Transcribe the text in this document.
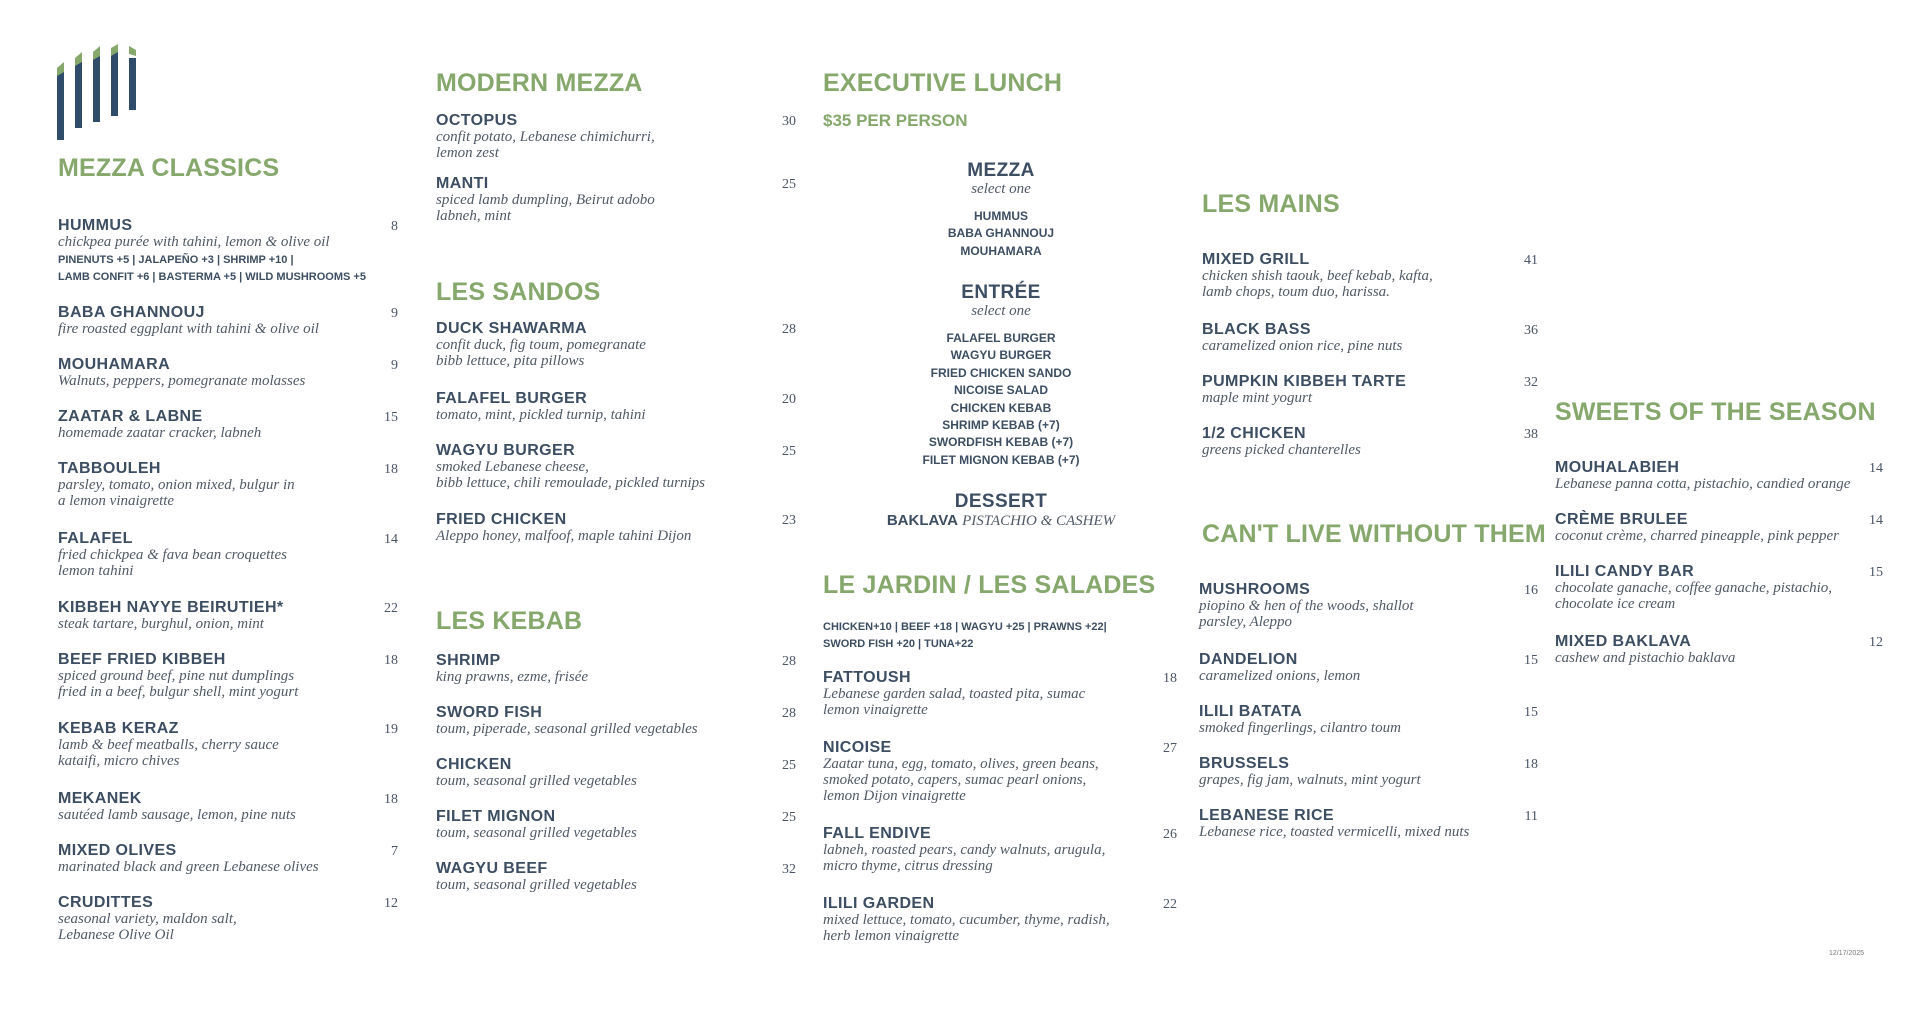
MEZZA CLASSICS
HUMMUS	8
chickpea purée with tahini, lemon & olive oil
PINENUTS +5 | JALAPEÑO +3 | SHRIMP +10 |
LAMB CONFIT +6 | BASTERMA +5 | WILD MUSHROOMS +5
BABA GHANNOUJ	9
fire roasted eggplant with tahini & olive oil
MOUHAMARA	9
Walnuts, peppers, pomegranate molasses
ZAATAR & LABNE	15
homemade zaatar cracker, labneh
TABBOULEH	18
parsley, tomato, onion mixed, bulgur in
a lemon vinaigrette
FALAFEL	14
fried chickpea & fava bean croquettes
lemon tahini
KIBBEH NAYYE BEIRUTIEH*	22
steak tartare, burghul, onion, mint
BEEF FRIED KIBBEH	18
spiced ground beef, pine nut dumplings
fried in a beef, bulgur shell, mint yogurt
KEBAB KERAZ	19
lamb & beef meatballs, cherry sauce
kataifi, micro chives
MEKANEK	18
sautéed lamb sausage, lemon, pine nuts
MIXED OLIVES	7
marinated black and green Lebanese olives
CRUDITTES	12
seasonal variety, maldon salt,
Lebanese Olive Oil
MODERN MEZZA
OCTOPUS	30
confit potato, Lebanese chimichurri,
lemon zest
MANTI	25
spiced lamb dumpling, Beirut adobo
labneh, mint
LES SANDOS
DUCK SHAWARMA	28
confit duck, fig toum, pomegranate
bibb lettuce, pita pillows
FALAFEL BURGER	20
tomato, mint, pickled turnip, tahini
WAGYU BURGER	25
smoked Lebanese cheese,
bibb lettuce, chili remoulade, pickled turnips
FRIED CHICKEN	23
Aleppo honey, malfoof, maple tahini Dijon
LES KEBAB
SHRIMP	28
king prawns, ezme, frisée
SWORD FISH	28
toum, piperade, seasonal grilled vegetables
CHICKEN	25
toum, seasonal grilled vegetables
FILET MIGNON	25
toum, seasonal grilled vegetables
WAGYU BEEF	32
toum, seasonal grilled vegetables
EXECUTIVE LUNCH
$35 PER PERSON
MEZZA
select one
HUMMUS
BABA GHANNOUJ
MOUHAMARA
ENTRÉE
select one
FALAFEL BURGER
WAGYU BURGER
FRIED CHICKEN SANDO
NICOISE SALAD
CHICKEN KEBAB
SHRIMP KEBAB (+7)
SWORDFISH KEBAB (+7)
FILET MIGNON KEBAB (+7)
DESSERT
BAKLAVA PISTACHIO & CASHEW
LE JARDIN / LES SALADES
CHICKEN+10 | BEEF +18 | WAGYU +25 | PRAWNS +22|
SWORD FISH +20 | TUNA+22
FATTOUSH	18
Lebanese garden salad, toasted pita, sumac
lemon vinaigrette
NICOISE	27
Zaatar tuna, egg, tomato, olives, green beans,
smoked potato, capers, sumac pearl onions,
lemon Dijon vinaigrette
FALL ENDIVE	26
labneh, roasted pears, candy walnuts, arugula,
micro thyme, citrus dressing
ILILI GARDEN	22
mixed lettuce, tomato, cucumber, thyme, radish,
herb lemon vinaigrette
LES MAINS
MIXED GRILL	41
chicken shish taouk, beef kebab, kafta,
lamb chops, toum duo, harissa.
BLACK BASS	36
caramelized onion rice, pine nuts
PUMPKIN KIBBEH TARTE	32
maple mint yogurt
1/2 CHICKEN	38
greens picked chanterelles
CAN'T LIVE WITHOUT THEM
MUSHROOMS	16
piopino & hen of the woods, shallot
parsley, Aleppo
DANDELION	15
caramelized onions, lemon
ILILI BATATA	15
smoked fingerlings, cilantro toum
BRUSSELS	18
grapes, fig jam, walnuts, mint yogurt
LEBANESE RICE	11
Lebanese rice, toasted vermicelli, mixed nuts
SWEETS OF THE SEASON
MOUHALABIEH	14
Lebanese panna cotta, pistachio, candied orange
CRÈME BRULEE	14
coconut crème, charred pineapple, pink pepper
ILILI CANDY BAR	15
chocolate ganache, coffee ganache, pistachio,
chocolate ice cream
MIXED BAKLAVA	12
cashew and pistachio baklava
12/17/2025
